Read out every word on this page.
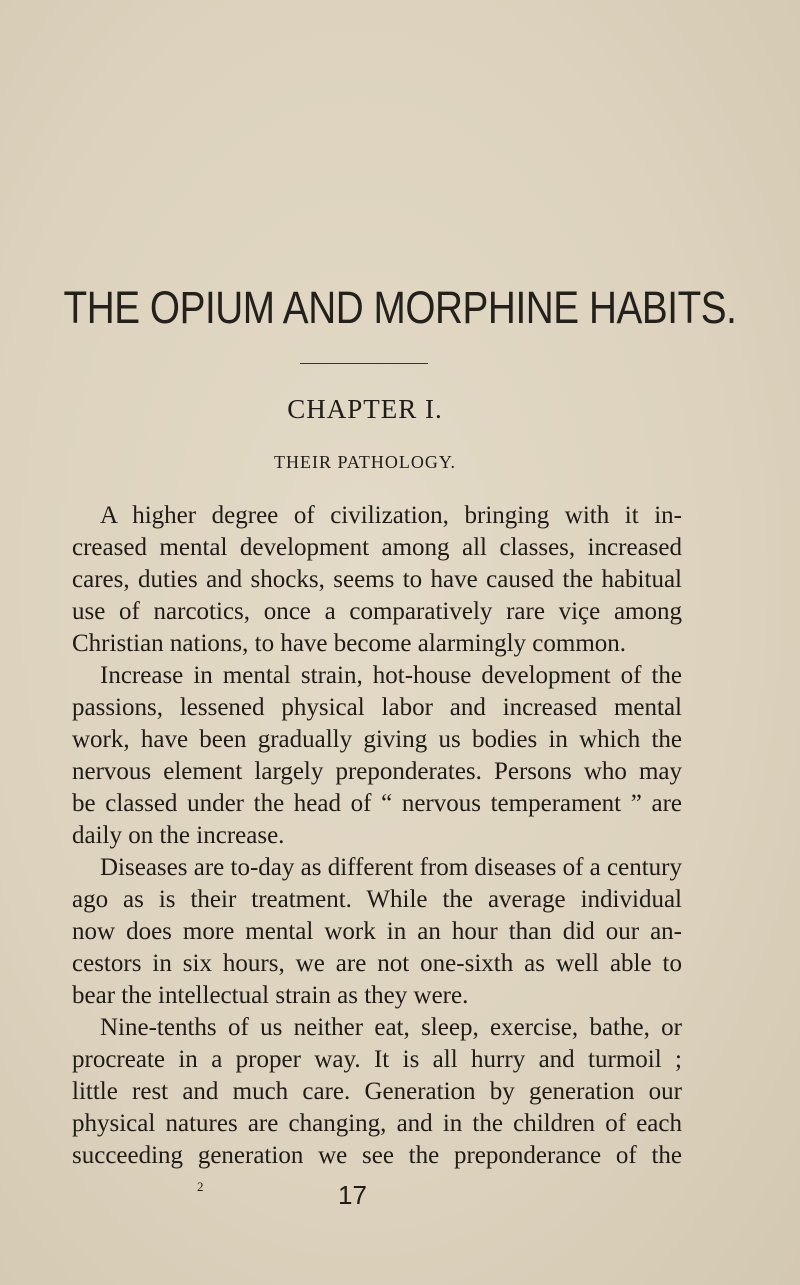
THE OPIUM AND MORPHINE HABITS.
CHAPTER I.
THEIR PATHOLOGY.
A higher degree of civilization, bringing with it in-
creased mental development among all classes, increased
cares, duties and shocks, seems to have caused the habitual
use of narcotics, once a comparatively rare viçe among
Christian nations, to have become alarmingly common.
Increase in mental strain, hot-house development of the
passions, lessened physical labor and increased mental
work, have been gradually giving us bodies in which the
nervous element largely preponderates. Persons who may
be classed under the head of “ nervous temperament ” are
daily on the increase.
Diseases are to-day as different from diseases of a century
ago as is their treatment. While the average individual
now does more mental work in an hour than did our an-
cestors in six hours, we are not one-sixth as well able to
bear the intellectual strain as they were.
Nine-tenths of us neither eat, sleep, exercise, bathe, or
procreate in a proper way. It is all hurry and turmoil ;
little rest and much care. Generation by generation our
physical natures are changing, and in the children of each
succeeding generation we see the preponderance of the
2	17
